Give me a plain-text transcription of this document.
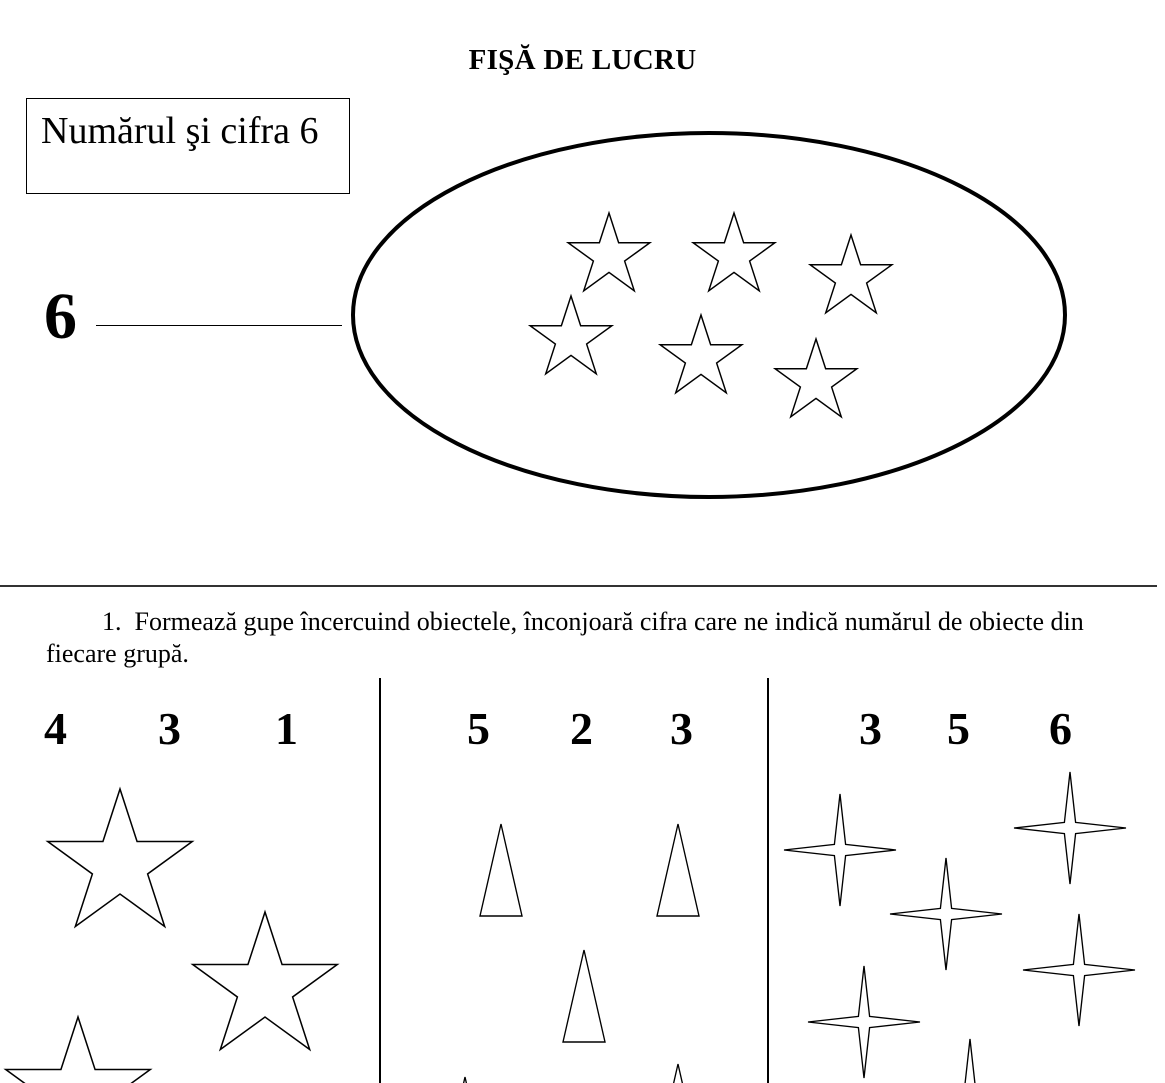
FIŞĂ DE LUCRU
Numărul şi cifra 6
6
1. Formează gupe încercuind obiectele, înconjoară cifra care ne indică numărul de obiecte din fiecare grupă.
4 3 1	5 2 3	3 5 6
